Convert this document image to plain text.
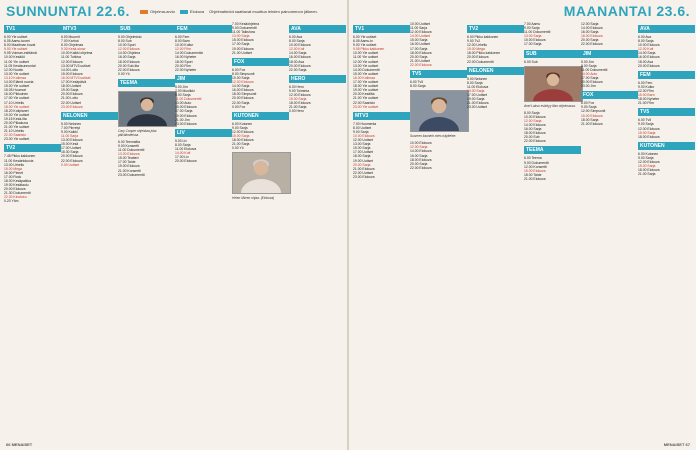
SUNNUNTAI 22.6.	Ohjelma-arvio	Elokuva Ohjelmatiedot saattavat muuttua lehden painomenon jälkeen.
TV1
6.00 Yle uutiset
6.05 Aamu-tuorei
8.00 Maailman kuvat
9.00 Yle uutiset
9.05 Voiman-esittämä
10.00 Kesäöö
11.00 Yle uutiset
11.05 Kesäsunnuntai
12.00 Nuotin
13.00 Yle uutiset
13.10 Kotimaa
14.00 Elämä nuoria
15.00 Yle uutiset
15.05 Huumori
16.00 Pikkuinen
17.00 Yle uutiset
17.10 Urheilu
18.00 Yle uutiset
18.20 Kotiplanet
19.00 Yle uutiset
19.15 Kesä-ilta
20.00 Pilkakuva
21.00 Yle uutiset
21.10 Urheilu
22.00 Saaristo
23.00 Yle uutiset
TV2
7.45 Pikku kakkonen
11.00 Kesäelokuvia
13.00 Urheilu
15.00 Mega
16.00 Pienet
17.00 Rock
18.00 Kesäpaikka
19.00 Kesätaulu
20.00 Elokuva
21.30 Dokumentti
22.30 Kinotoku
0.20 Yöm
MTV3
6.00 Muumit
7.00 Karhut
8.00 Ohjelmaa
9.30 Kesä-show
10.00 Kaikki ohjelma
11.00 Tutkiva
12.00 Elokuva
13.00 MTV3 uutiset
14.00 Lotto
15.00 Elokuva
16.00 MTV3 uutiset
17.00 Kesäpäivä
18.00 Uutiset
19.00 Sarja
20.00 Elokuva
21.00 Lotto
22.00 Uutiset
23.00 Elokuva
NELONEN
5.00 Nelonen
7.00 Piirretyt
9.00 Kaikki
11.00 Sarja
13.00 Elokuva
15.00 Kesä
17.00 Uutiset
18.30 Sarja
20.00 Elokuva
22.00 Elokuva
0.00 Uutiset
SUB
5.00 Ohjelmisto
8.00 Sub
10.00 Sport
12.00 Elokuva
14.00 Ohjelma
16.00 Sarja
18.00 Elokuva
20.00 Sub-ilta
22.00 Elokuva
0.00 Yö
TEEMA
Cary Cooper ohjeistaa joka päiväkodeissa.
6.00 Teemailta
9.00 Konsertti
11.00 Dokumentti
13.00 Elokuva
15.00 Teatteri
17.00 Taide
19.00 Elokuva
21.00 Konsertti
23.00 Dokumentti
FEM
6.00 Fem
8.00 Barn
10.00 Kultur
12.00 Film
14.00 Dokumentär
16.00 Nyheter
18.00 Sport
20.00 Film
22.00 Nyheter
JIM
5.00 Jim
7.00 Musiikki
9.00 Sarja
11.00 Dokumentti
13.00 Auto
15.00 Elokuva
17.00 Sarja
19.00 Elokuva
21.00 Jim
23.00 Elokuva
LIV
5.00 Liv
8.00 Sarja
11.00 Elokuva
14.00 Koti
17.00 Liv
20.00 Elokuva
7.00 Kesäohjelma
9.00 Dokumentti
11.00 Talkshow
13.00 Sarja
15.00 Elokuva
17.00 Sarja
19.00 Elokuva
21.00 Uutiset
FOX
6.00 Fox
8.00 Simpsonit
10.00 Sarja
12.00 Elokuva
14.00 Sarja
16.00 Elokuva
18.00 Simpsonit
20.00 Elokuva
22.00 Sarja
0.00 Fox
KUTONEN
6.00 Kutonen
9.00 Sarja
12.00 Elokuva
15.00 Sarja
18.00 Elokuva
21.00 Sarja
0.00 Yö
Helen Mirren ohjaa. (Elokuva)
AVA
6.00 Ava
8.00 Sarja
10.00 Elokuva
12.00 Koti
14.00 Sarja
16.00 Elokuva
18.00 Ava
20.00 Elokuva
22.00 Sarja
HERO
6.00 Hero
9.00 Toiminta
12.00 Elokuva
15.00 Sarja
18.00 Elokuva
21.00 Sarja
0.00 Hero
66 MENAISET
MAANANTAI 23.6.
TV1
6.00 Yle uutiset
6.05 Aamu-tv
9.00 Yle uutiset
9.05 Pikku kakkonen
10.00 Yle uutiset
11.00 Yle uutiset
12.00 Yle uutiset
13.00 Yle uutiset
14.00 Dokumentti
15.00 Yle uutiset
16.00 Kotimaa
17.00 Yle uutiset
18.00 Yle uutiset
19.00 Yle uutiset
20.00 Kesäilta
21.00 Yle uutiset
22.00 Saaristo
23.00 Yle uutiset
MTV3
7.00 Huomenta
8.00 Uutiset
9.00 Sarja
10.00 Elokuva
12.00 Uutiset
13.00 Sarja
15.00 Sarja
17.00 Uutiset
18.00 Sarja
19.00 Uutiset
20.00 Sarja
21.00 Elokuva
22.00 Uutiset
23.00 Elokuva
10.00 Uutiset
11.00 Sarja
12.00 Elokuva
14.00 Uutiset
15.00 Sarja
16.00 Uutiset
17.00 Sarja
18.00 Elokuva
20.00 Sarja
21.00 Uutiset
22.00 Elokuva
TV5
6.00 Tv5
8.00 Sarja
Suomen kaunein mies näyttelee.
10.00 Elokuva
12.00 Sarja
14.00 Elokuva
16.00 Sarja
18.00 Elokuva
20.00 Sarja
22.00 Elokuva
TV2
6.00 Pikku kakkonen
9.00 Tv2
12.00 Urheilu
15.00 Mega
18.00 Pikku kakkonen
20.00 Elokuva
22.00 Dokumentti
NELONEN
5.00 Nelonen
8.00 Sarja
11.00 Elokuva
14.00 Sarja
17.00 Uutiset
19.00 Sarja
21.00 Elokuva
23.00 Uutiset
7.00 Aamu
9.00 Sarja
11.00 Dokumentti
13.00 Sarja
15.00 Elokuva
17.00 Sarja
SUB
6.00 Sub
Anel Lakso esiintyy illan ohjelmassa.
8.00 Sarja
10.00 Elokuva
12.00 Sarja
14.00 Elokuva
16.00 Sarja
18.00 Elokuva
20.00 Sub
22.00 Elokuva
TEEMA
6.00 Teema
9.00 Dokumentti
12.00 Konsertti
15.00 Elokuva
18.00 Taide
21.00 Elokuva
12.00 Sarja
14.00 Elokuva
16.00 Sarja
18.00 Elokuva
20.00 Sarja
22.00 Elokuva
JIM
5.00 Jim
8.00 Sarja
11.00 Dokumentti
14.00 Auto
17.00 Sarja
20.00 Elokuva
23.00 Jim
FOX
6.00 Fox
9.00 Sarja
12.00 Simpsonit
15.00 Elokuva
18.00 Sarja
21.00 Elokuva
AVA
6.00 Ava
8.00 Sarja
10.00 Elokuva
12.00 Koti
14.00 Sarja
16.00 Elokuva
18.00 Ava
20.00 Elokuva
FEM
6.00 Fem
9.00 Kultur
12.00 Film
15.00 Barn
18.00 Nyheter
21.00 Film
TV5
6.00 Tv5
9.00 Sarja
12.00 Elokuva
15.00 Sarja
18.00 Elokuva
KUTONEN
6.00 Kutonen
9.00 Sarja
12.00 Elokuva
15.00 Sarja
18.00 Elokuva
21.00 Sarja
MENAISET 67
